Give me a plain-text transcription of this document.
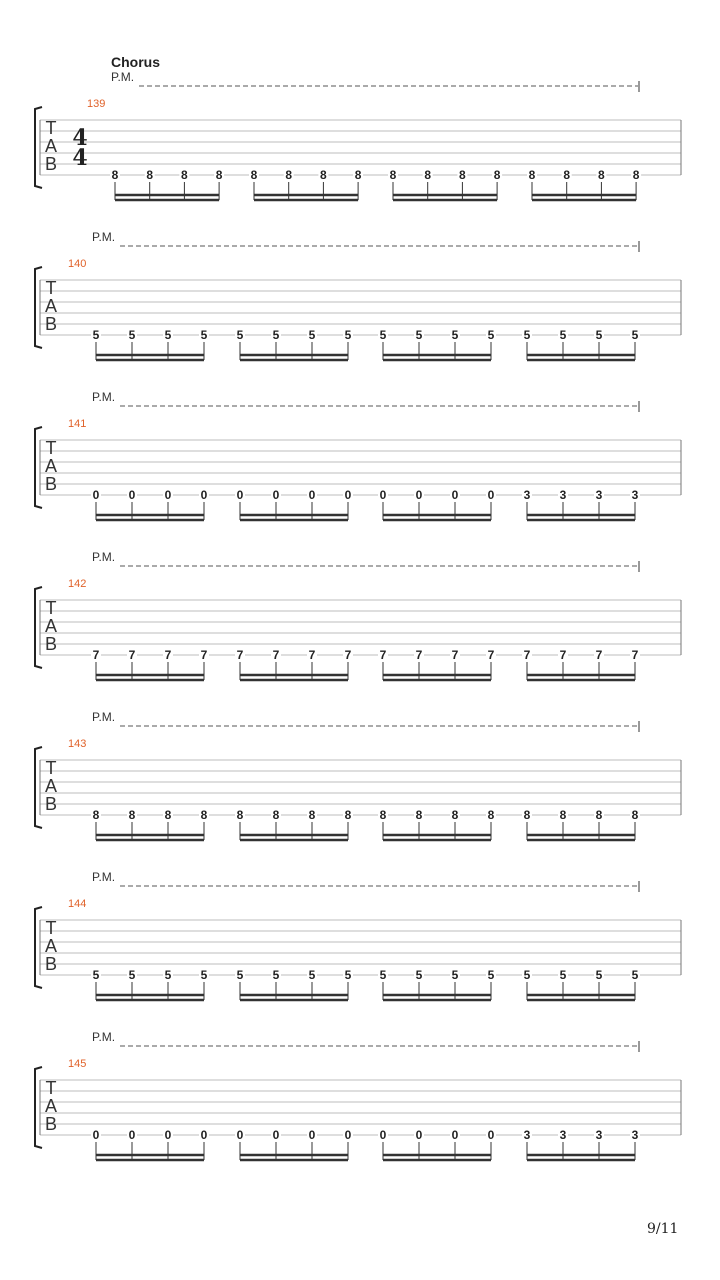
Chorus
P.M.
139
T
A
B
4
4
8 8 8 8 8 8 8 8 8 8 8 8 8 8 8 8
P.M.
140
T
A
B
5 5 5 5 5 5 5 5 5 5 5 5 5 5 5 5
P.M.
141
T
A
B
0 0 0 0 0 0 0 0 0 0 0 0 3 3 3 3
P.M.
142
T
A
B
7 7 7 7 7 7 7 7 7 7 7 7 7 7 7 7
P.M.
143
T
A
B
8 8 8 8 8 8 8 8 8 8 8 8 8 8 8 8
P.M.
144
T
A
B
5 5 5 5 5 5 5 5 5 5 5 5 5 5 5 5
P.M.
145
T
A
B
0 0 0 0 0 0 0 0 0 0 0 0 3 3 3 3
9/11
